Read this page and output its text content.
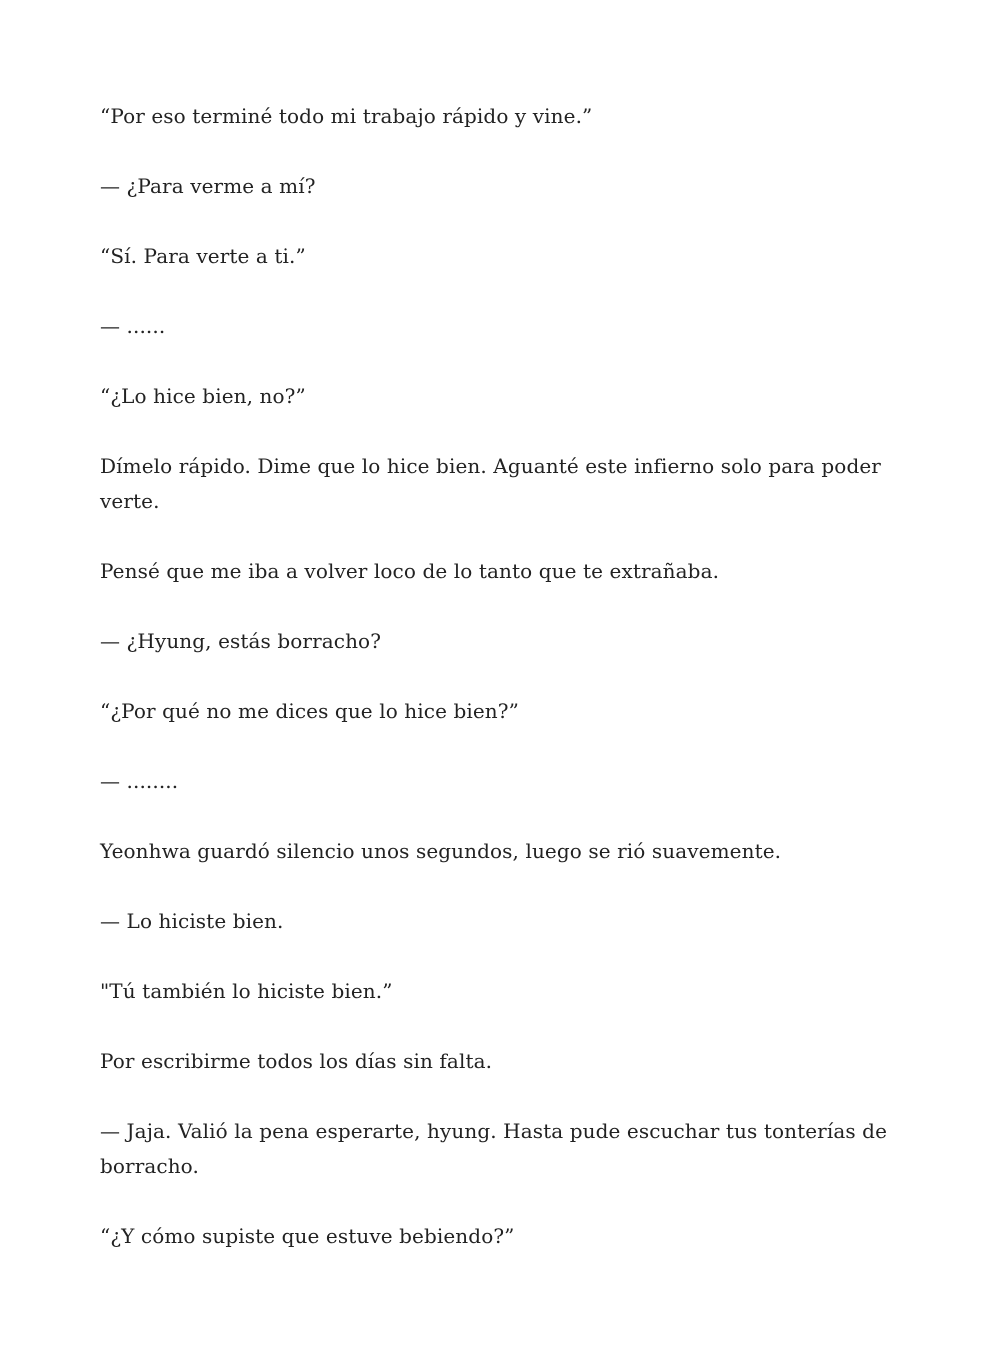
“Por eso terminé todo mi trabajo rápido y vine.”

— ¿Para verme a mí?

“Sí. Para verte a ti.”

— ......

“¿Lo hice bien, no?”

Dímelo rápido. Dime que lo hice bien. Aguanté este infierno solo para poder verte.

Pensé que me iba a volver loco de lo tanto que te extrañaba.

— ¿Hyung, estás borracho?

“¿Por qué no me dices que lo hice bien?”

— ........

Yeonhwa guardó silencio unos segundos, luego se rió suavemente.

— Lo hiciste bien.

"Tú también lo hiciste bien.”

Por escribirme todos los días sin falta.

— Jaja. Valió la pena esperarte, hyung. Hasta pude escuchar tus tonterías de borracho.

“¿Y cómo supiste que estuve bebiendo?”
